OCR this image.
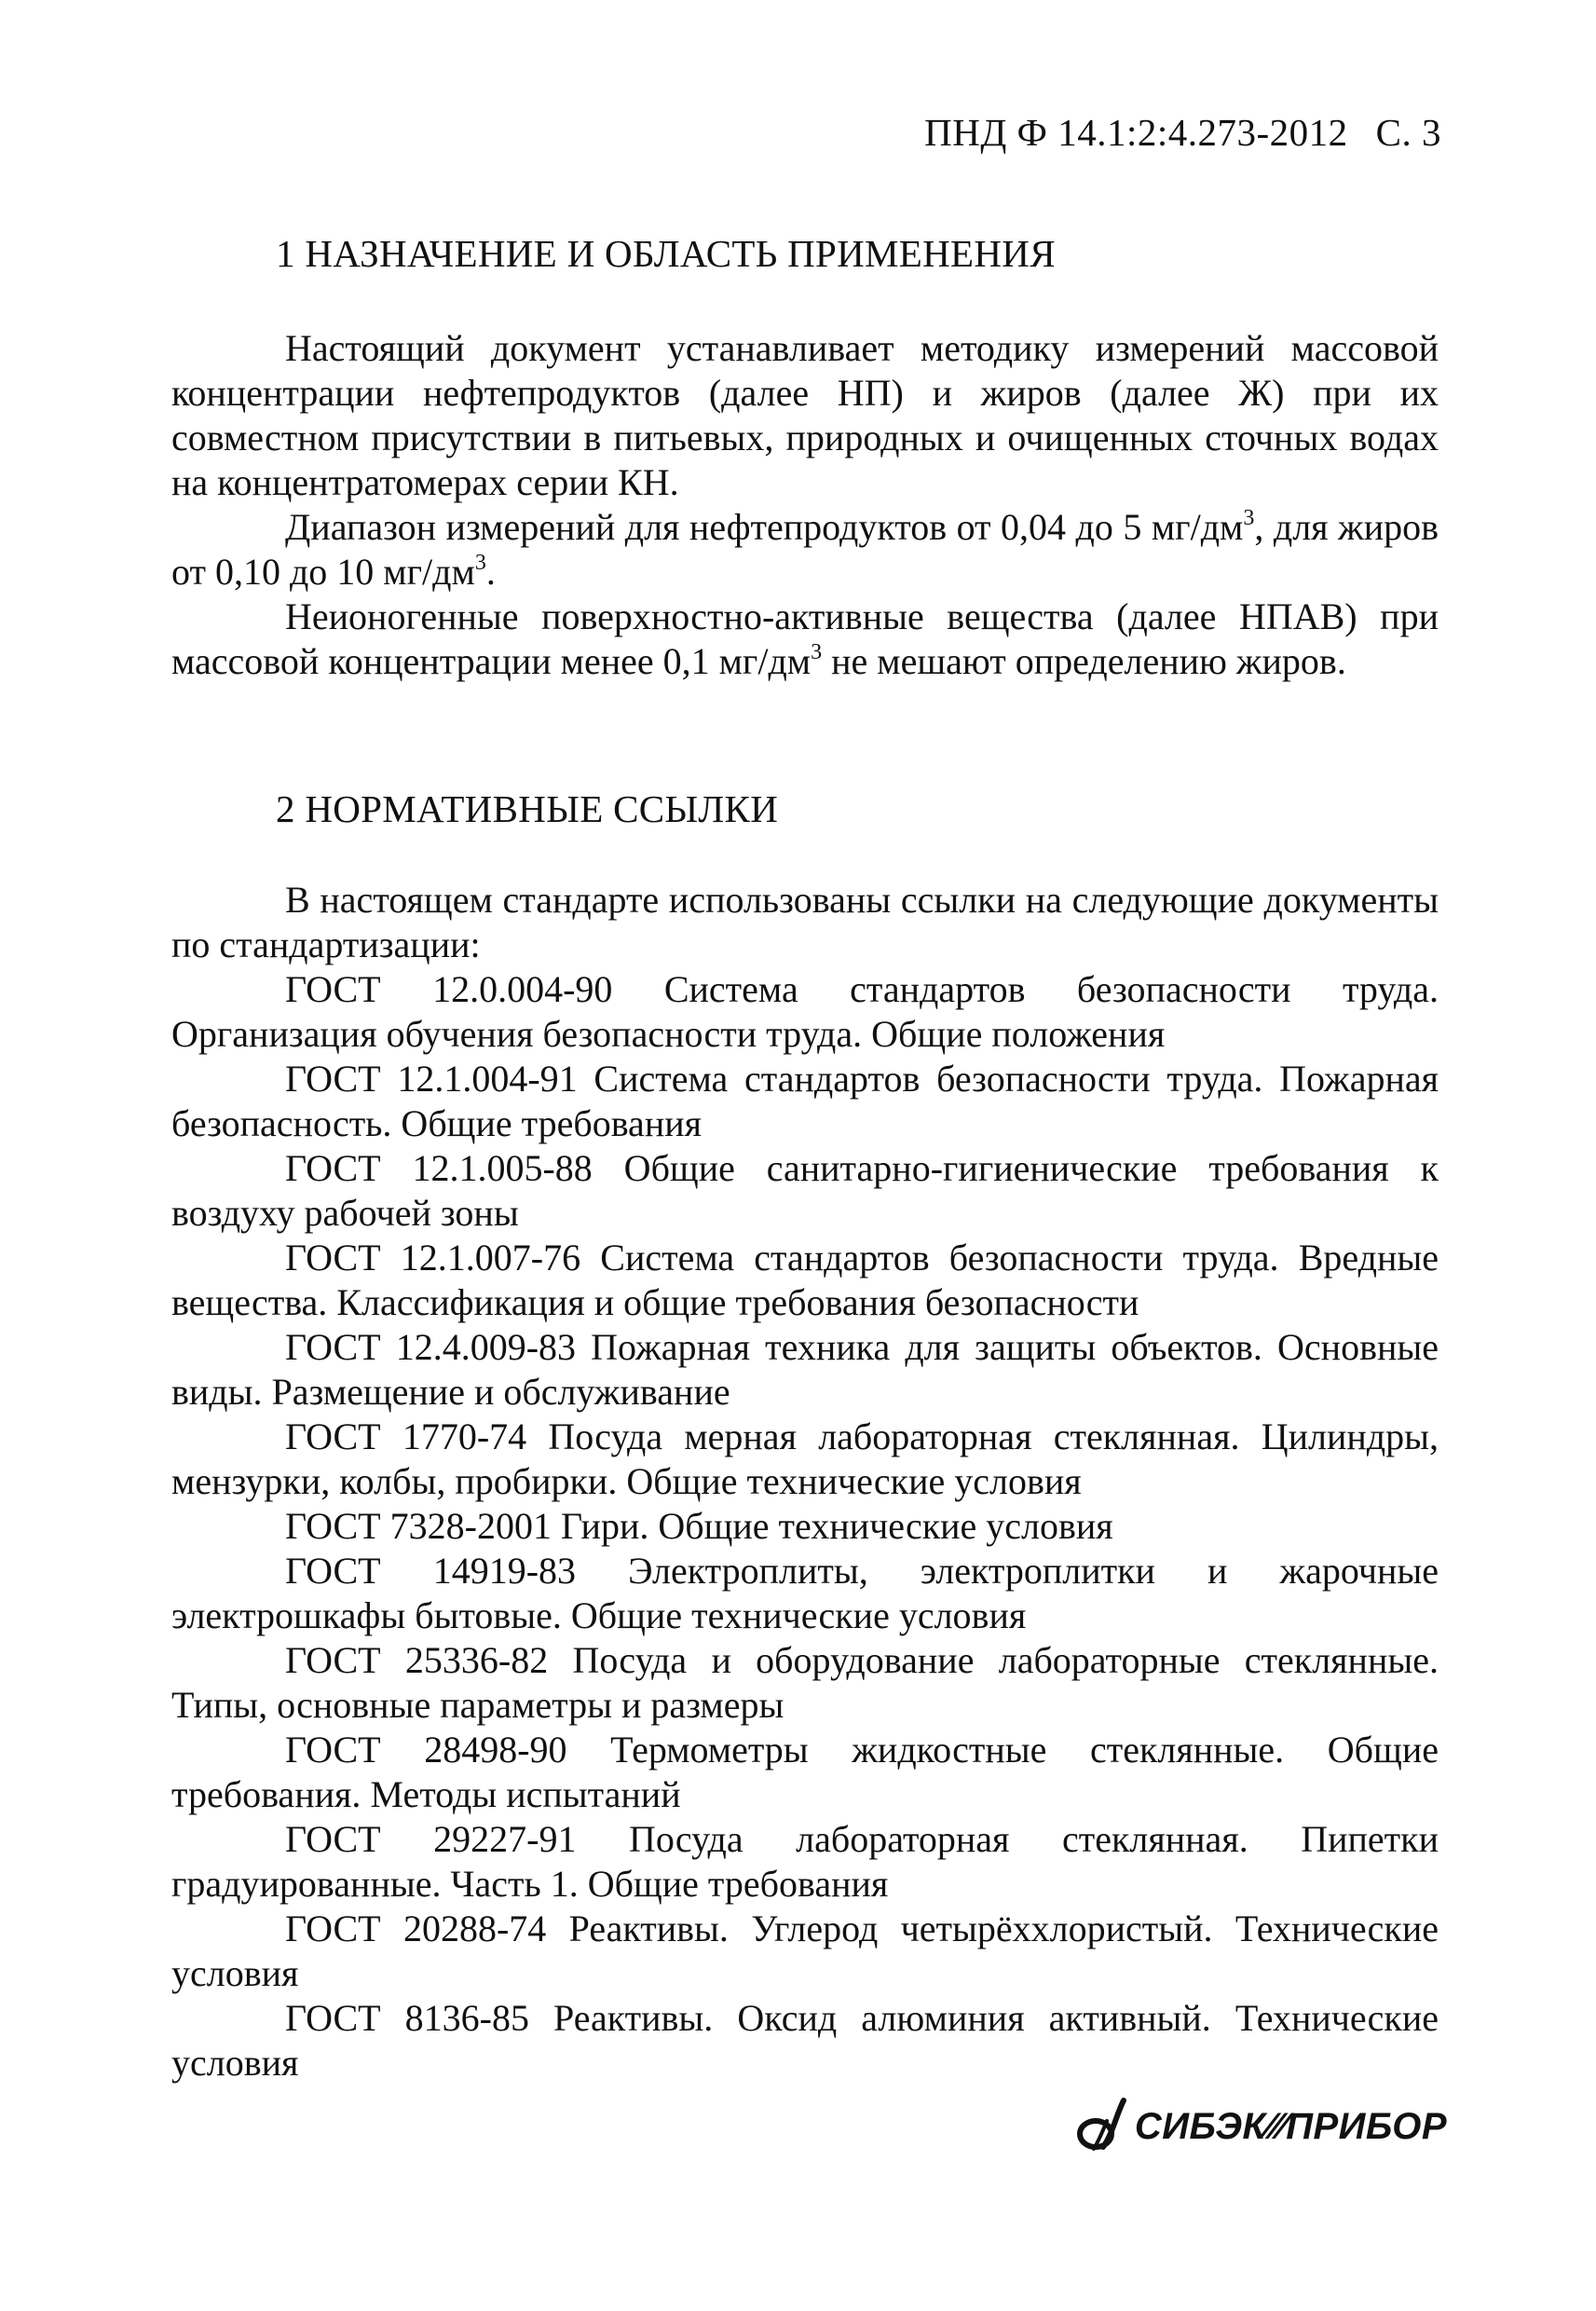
ПНД Ф 14.1:2:4.273-2012 С. 3
1 НАЗНАЧЕНИЕ И ОБЛАСТЬ ПРИМЕНЕНИЯ

Настоящий документ устанавливает методику измерений массовой концентрации нефтепродуктов (далее НП) и жиров (далее Ж) при их совместном присутствии в питьевых, природных и очищенных сточных водах на концентратомерах серии КН.

Диапазон измерений для нефтепродуктов от 0,04 до 5 $мг/дм^3$, для жиров от 0,10 до 10 $мг/дм^3$.

Неионогенные поверхностно-активные вещества (далее НПАВ) при массовой концентрации менее 0,1 $мг/дм^3$ не мешают определению жиров.

2 НОРМАТИВНЫЕ ССЫЛКИ

В настоящем стандарте использованы ссылки на следующие документы по стандартизации:

ГОСТ 12.0.004-90 Система стандартов безопасности труда. Организация обучения безопасности труда. Общие положения

ГОСТ 12.1.004-91 Система стандартов безопасности труда. Пожарная безопасность. Общие требования

ГОСТ 12.1.005-88 Общие санитарно-гигиенические требования к воздуху рабочей зоны

ГОСТ 12.1.007-76 Система стандартов безопасности труда. Вредные вещества. Классификация и общие требования безопасности

ГОСТ 12.4.009-83 Пожарная техника для защиты объектов. Основные виды. Размещение и обслуживание

ГОСТ 1770-74 Посуда мерная лабораторная стеклянная. Цилиндры, мензурки, колбы, пробирки. Общие технические условия

ГОСТ 7328-2001 Гири. Общие технические условия

ГОСТ 14919-83 Электроплиты, электроплитки и жарочные электрошкафы бытовые. Общие технические условия

ГОСТ 25336-82 Посуда и оборудование лабораторные стеклянные. Типы, основные параметры и размеры

ГОСТ 28498-90 Термометры жидкостные стеклянные. Общие требования. Методы испытаний

ГОСТ 29227-91 Посуда лабораторная стеклянная. Пипетки градуированные. Часть 1. Общие требования

ГОСТ 20288-74 Реактивы. Углерод четырёххлористый. Технические условия

ГОСТ 8136-85 Реактивы. Оксид алюминия активный. Технические условия

СИБЭК⁄⁄⁄ПРИБОР
